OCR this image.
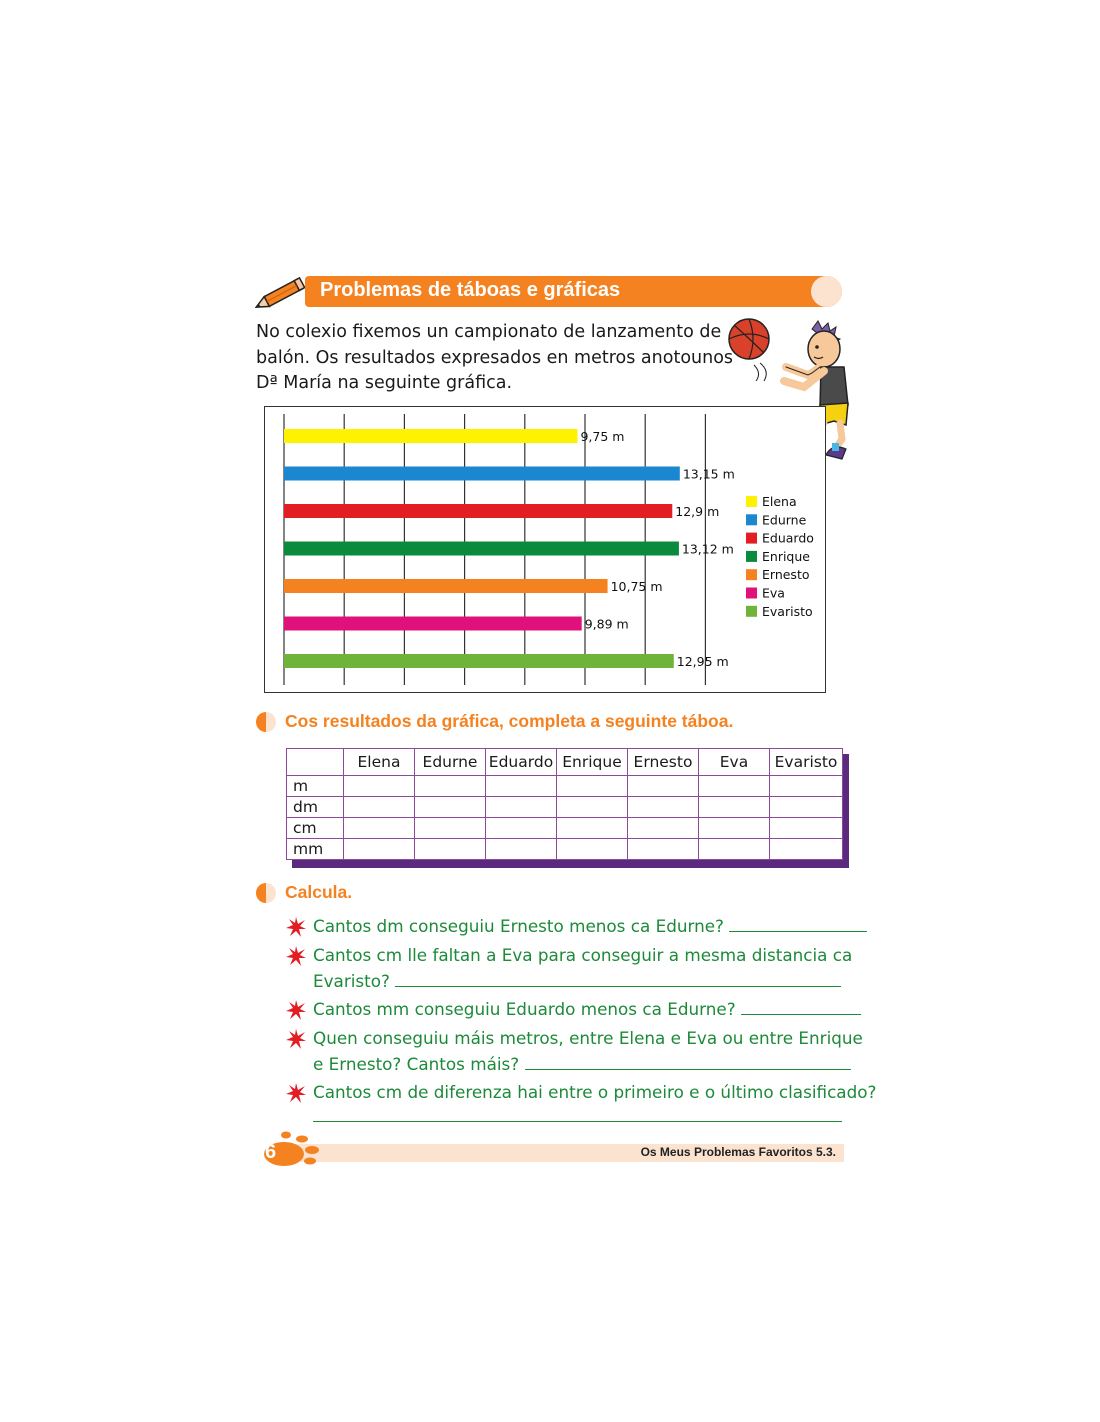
Problemas de táboas e gráficas
No colexio fixemos un campionato de lanzamento de
balón. Os resultados expresados en metros anotounos
Dª María na seguinte gráfica.
9,75 m
13,15 m
12,9 m
13,12 m
10,75 m
9,89 m
12,95 m
Elena
Edurne
Eduardo
Enrique
Ernesto
Eva
Evaristo
Cos resultados da gráfica, completa a seguinte táboa.
	Elena	Edurne	Eduardo	Enrique	Ernesto	Eva	Evaristo
m							
dm							
cm							
mm							
Calcula.
Cantos dm conseguiu Ernesto menos ca Edurne?
Cantos cm lle faltan a Eva para conseguir a mesma distancia ca
Evaristo?
Cantos mm conseguiu Eduardo menos ca Edurne?
Quen conseguiu máis metros, entre Elena e Eva ou entre Enrique
e Ernesto? Cantos máis?
Cantos cm de diferenza hai entre o primeiro e o último clasificado?
Os Meus Problemas Favoritos 5.3.
6
